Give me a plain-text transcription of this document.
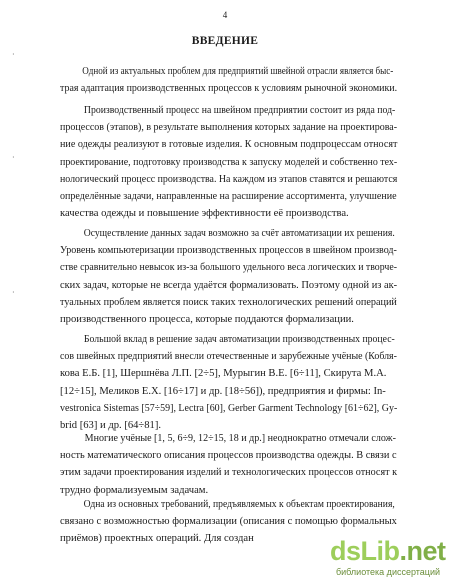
4
ВВЕДЕНИЕ
·
·
·
Одной из актуальных проблем для предприятий швейной отрасли является быс-
трая адаптация производственных процессов к условиям рыночной экономики.
Производственный процесс на швейном предприятии состоит из ряда под-
процессов (этапов), в результате выполнения которых задание на проектирова-
ние одежды реализуют в готовые изделия. К основным подпроцессам относят
проектирование, подготовку производства к запуску моделей и собственно тех-
нологический процесс производства. На каждом из этапов ставятся и решаются
определённые задачи, направленные на расширение ассортимента, улучшение
качества одежды и повышение эффективности её производства.
Осуществление данных задач возможно за счёт автоматизации их решения.
Уровень компьютеризации производственных процессов в швейном производ-
стве сравнительно невысок из-за большого удельного веса логических и творче-
ских задач, которые не всегда удаётся формализовать. Поэтому одной из ак-
туальных проблем является поиск таких технологических решений операций
производственного процесса, которые поддаются формализации.
Большой вклад в решение задач автоматизации производственных процес-
сов швейных предприятий внесли отечественные и зарубежные учёные (Кобля-
кова Е.Б. [1], Шершнёва Л.П. [2÷5], Мурыгин В.Е. [6÷11], Скирута М.А.
[12÷15], Меликов Е.Х. [16÷17] и др. [18÷56]), предприятия и фирмы: In-
vestronica Sistemas [57÷59], Lectra [60], Gerber Garment Technology [61÷62], Gy-
brid [63] и др. [64÷81].
Многие учёные [1, 5, 6÷9, 12÷15, 18 и др.] неоднократно отмечали слож-
ность математического описания процессов производства одежды. В связи с
этим задачи проектирования изделий и технологических процессов относят к
трудно формализуемым задачам.
Одна из основных требований, предъявляемых к объектам проектирования,
связано с возможностью формализации (описания с помощью формальных
приёмов) проектных операций. Для создан	dsLib.net
библиотека диссертаций
